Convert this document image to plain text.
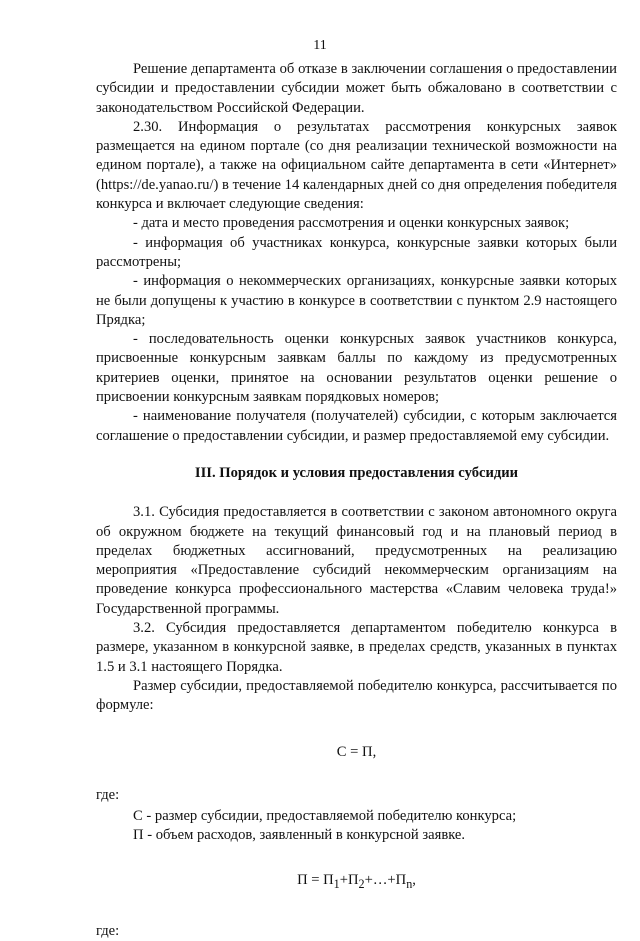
11

Решение департамента об отказе в заключении соглашения о предоставлении субсидии и предоставлении субсидии может быть обжаловано в соответствии с законодательством Российской Федерации.

2.30. Информация о результатах рассмотрения конкурсных заявок размещается на едином портале (со дня реализации технической возможности на едином портале), а также на официальном сайте департамента в сети «Интернет» (https://de.yanao.ru/) в течение 14 календарных дней со дня определения победителя конкурса и включает следующие сведения:

- дата и место проведения рассмотрения и оценки конкурсных заявок;

- информация об участниках конкурса, конкурсные заявки которых были рассмотрены;

- информация о некоммерческих организациях, конкурсные заявки которых не были допущены к участию в конкурсе в соответствии с пунктом 2.9 настоящего Прядка;

- последовательность оценки конкурсных заявок участников конкурса, присвоенные конкурсным заявкам баллы по каждому из предусмотренных критериев оценки, принятое на основании результатов оценки решение о присвоении конкурсным заявкам порядковых номеров;

- наименование получателя (получателей) субсидии, с которым заключается соглашение о предоставлении субсидии, и размер предоставляемой ему субсидии.

III. Порядок и условия предоставления субсидии

3.1. Субсидия предоставляется в соответствии с законом автономного округа об окружном бюджете на текущий финансовый год и на плановый период в пределах бюджетных ассигнований, предусмотренных на реализацию мероприятия «Предоставление субсидий некоммерческим организациям на проведение конкурса профессионального мастерства «Славим человека труда!» Государственной программы.

3.2. Субсидия предоставляется департаментом победителю конкурса в размере, указанном в конкурсной заявке, в пределах средств, указанных в пунктах 1.5 и 3.1 настоящего Порядка.

Размер субсидии, предоставляемой победителю конкурса, рассчитывается по формуле:

С = П,

где:

С - размер субсидии, предоставляемой победителю конкурса;

П - объем расходов, заявленный в конкурсной заявке.

$П = П_1+П_2+\dots+П_n$,

где:
